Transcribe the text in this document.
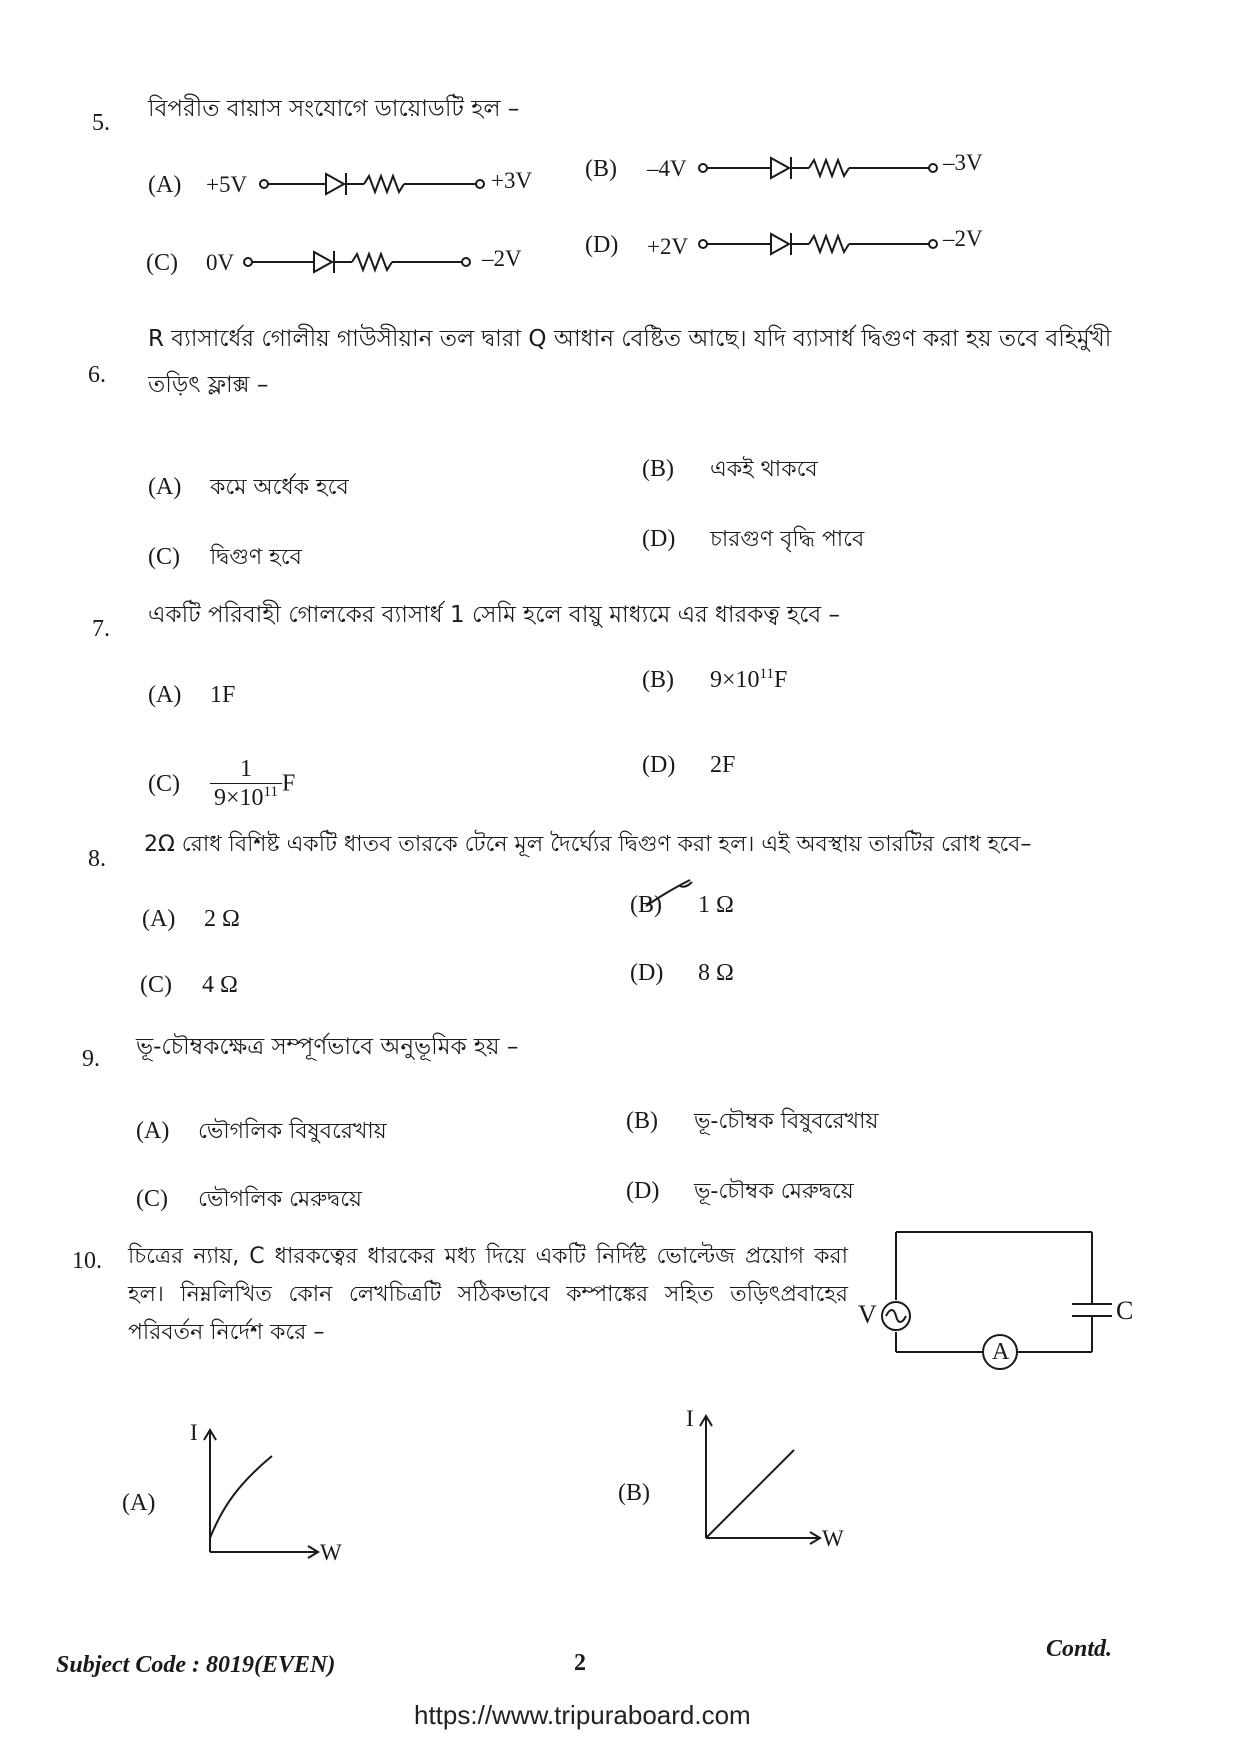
5.
বিপরীত বায়াস সংযোগে ডায়োডটি হল –
(A)	+5V	+3V (B)	–4V	–3V
(C)	0V	–2V
(D)	+2V	–2V
6.
R ব্যাসার্ধের গোলীয় গাউসীয়ান তল দ্বারা Q আধান বেষ্টিত আছে। যদি ব্যাসার্ধ দ্বিগুণ করা হয় তবে বহির্মুখী তড়িৎ ফ্লাক্স –
(A) কমে অর্ধেক হবে
(B) একই থাকবে
(C) দ্বিগুণ হবে
(D) চারগুণ বৃদ্ধি পাবে
7.
একটি পরিবাহী গোলকের ব্যাসার্ধ 1 সেমি হলে বায়ু মাধ্যমে এর ধারকত্ব হবে –
(A) 1F
(B) $9\times 10^{11}F$
$(C) \frac{1}{9\times 10^{11}}$ F
(D) 2F
8.
2Ω রোধ বিশিষ্ট একটি ধাতব তারকে টেনে মূল দৈর্ঘ্যের দ্বিগুণ করা হল। এই অবস্থায় তারটির রোধ হবে–
(A) 2 Ω
(B) 1 Ω
(C) 4 Ω	(D) 8 Ω
9. ভূ-চৌম্বকক্ষেত্র সম্পূর্ণভাবে অনুভূমিক হয় –
(A) ভৌগলিক বিষুবরেখায়	(B) ভূ-চৌম্বক বিষুবরেখায়
(C) ভৌগলিক মেরুদ্বয়ে	(D) ভূ-চৌম্বক মেরুদ্বয়ে
10. চিত্রের ন্যায়, C ধারকত্বের ধারকের মধ্য দিয়ে একটি নির্দিষ্ট ভোল্টেজ প্রয়োগ করা হল। নিম্নলিখিত কোন লেখচিত্রটি সঠিকভাবে কম্পাঙ্কের সহিত তড়িৎপ্রবাহের পরিবর্তন নির্দেশ করে –
V	C
A
(A)
I
W
(B)
I
W
Subject Code : 8019(EVEN)	2
Contd.
https://www.tripuraboard.com
